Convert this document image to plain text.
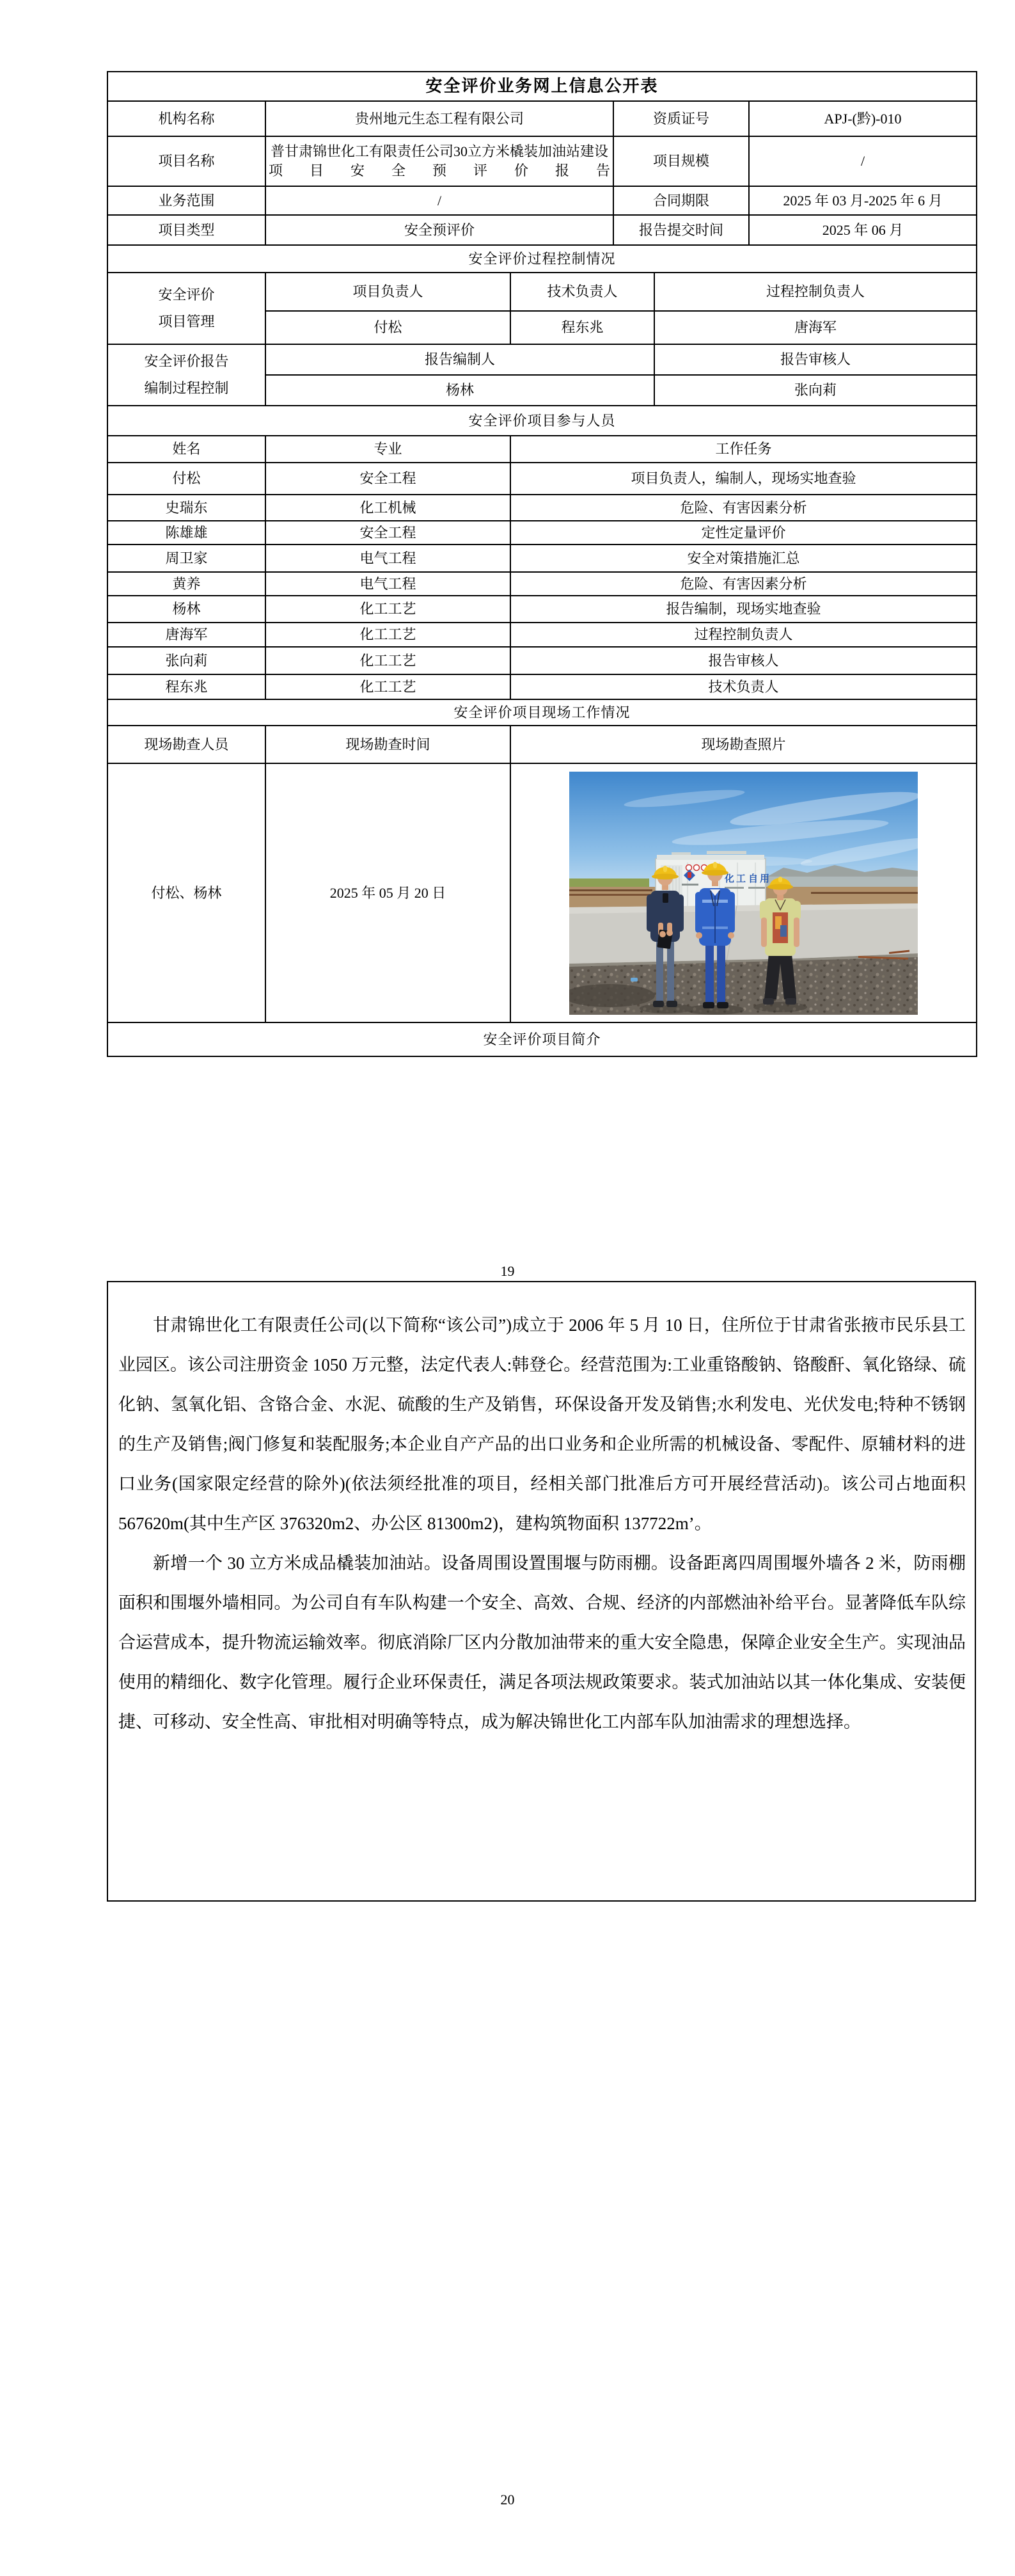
安全评价业务网上信息公开表					
机构名称	贵州地元生态工程有限公司		资质证号		APJ-(黔)-010
项目名称	普甘肃锦世化工有限责任公司30立方米橇装加油站建设项目安全预评价报告		项目规模		/
业务范围	/		合同期限		2025 年 03 月-2025 年 6 月
项目类型	安全预评价		报告提交时间		2025 年 06 月
安全评价过程控制情况					
安全评价项目管理	项目负责人	技术负责人		过程控制负责人	
	付松	程东兆		唐海军	
安全评价报告编制过程控制	报告编制人			报告审核人	
	杨林			张向莉	
安全评价项目参与人员					
姓名	专业	工作任务			
付松	安全工程	项目负责人，编制人，现场实地查验			
史瑞东	化工机械	危险、有害因素分析			
陈雄雄	安全工程	定性定量评价			
周卫家	电气工程	安全对策措施汇总			
黄养	电气工程	危险、有害因素分析			
杨林	化工工艺	报告编制，现场实地查验			
唐海军	化工工艺	过程控制负责人			
张向莉	化工工艺	报告审核人			
程东兆	化工工艺	技术负责人			
安全评价项目现场工作情况					
现场勘查人员	现场勘查时间	现场勘查照片			
付松、杨林	2025 年 05 月 20 日	化工 自用			

安全评价项目简介					
19

甘肃锦世化工有限责任公司(以下简称“该公司”)成立于 2006 年 5 月 10 日，住所位于甘肃省张掖市民乐县工业园区。该公司注册资金 1050 万元整，法定代表人:韩登仑。经营范围为:工业重铬酸钠、铬酸酐、氧化铬绿、硫化钠、氢氧化铝、含铬合金、水泥、硫酸的生产及销售，环保设备开发及销售;水利发电、光伏发电;特种不锈钢的生产及销售;阀门修复和装配服务;本企业自产产品的出口业务和企业所需的机械设备、零配件、原辅材料的进口业务(国家限定经营的除外)(依法须经批准的项目，经相关部门批准后方可开展经营活动)。该公司占地面积 567620m(其中生产区 376320m2、办公区 81300m2)，建构筑物面积 137722m’。

新增一个 30 立方米成品橇装加油站。设备周围设置围堰与防雨棚。设备距离四周围堰外墙各 2 米，防雨棚面积和围堰外墙相同。为公司自有车队构建一个安全、高效、合规、经济的内部燃油补给平台。显著降低车队综合运营成本，提升物流运输效率。彻底消除厂区内分散加油带来的重大安全隐患，保障企业安全生产。实现油品使用的精细化、数字化管理。履行企业环保责任，满足各项法规政策要求。装式加油站以其一体化集成、安装便捷、可移动、安全性高、审批相对明确等特点，成为解决锦世化工内部车队加油需求的理想选择。

20
